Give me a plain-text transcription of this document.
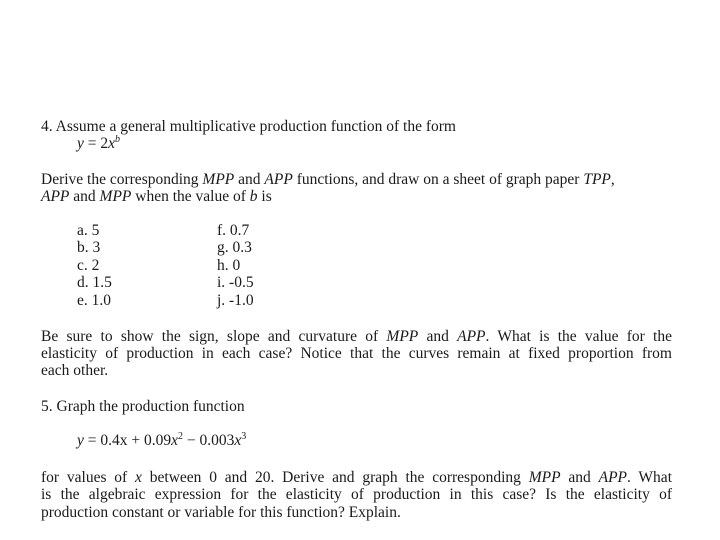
4. Assume a general multiplicative production function of the form
$y = 2x^b$
Derive the corresponding MPP and APP functions, and draw on a sheet of graph paper TPP,
APP and MPP when the value of b is
a. 5
b. 3
c. 2
d. 1.5
e. 1.0
f. 0.7
g. 0.3
h. 0
i. -0.5
j. -1.0
Be sure to show the sign, slope and curvature of MPP and APP. What is the value for the
elasticity of production in each case? Notice that the curves remain at fixed proportion from
each other.
5. Graph the production function
$y = 0.4x + 0.09x^2 - 0.003x^3$
for values of x between 0 and 20. Derive and graph the corresponding MPP and APP. What
is the algebraic expression for the elasticity of production in this case? Is the elasticity of
production constant or variable for this function? Explain.
